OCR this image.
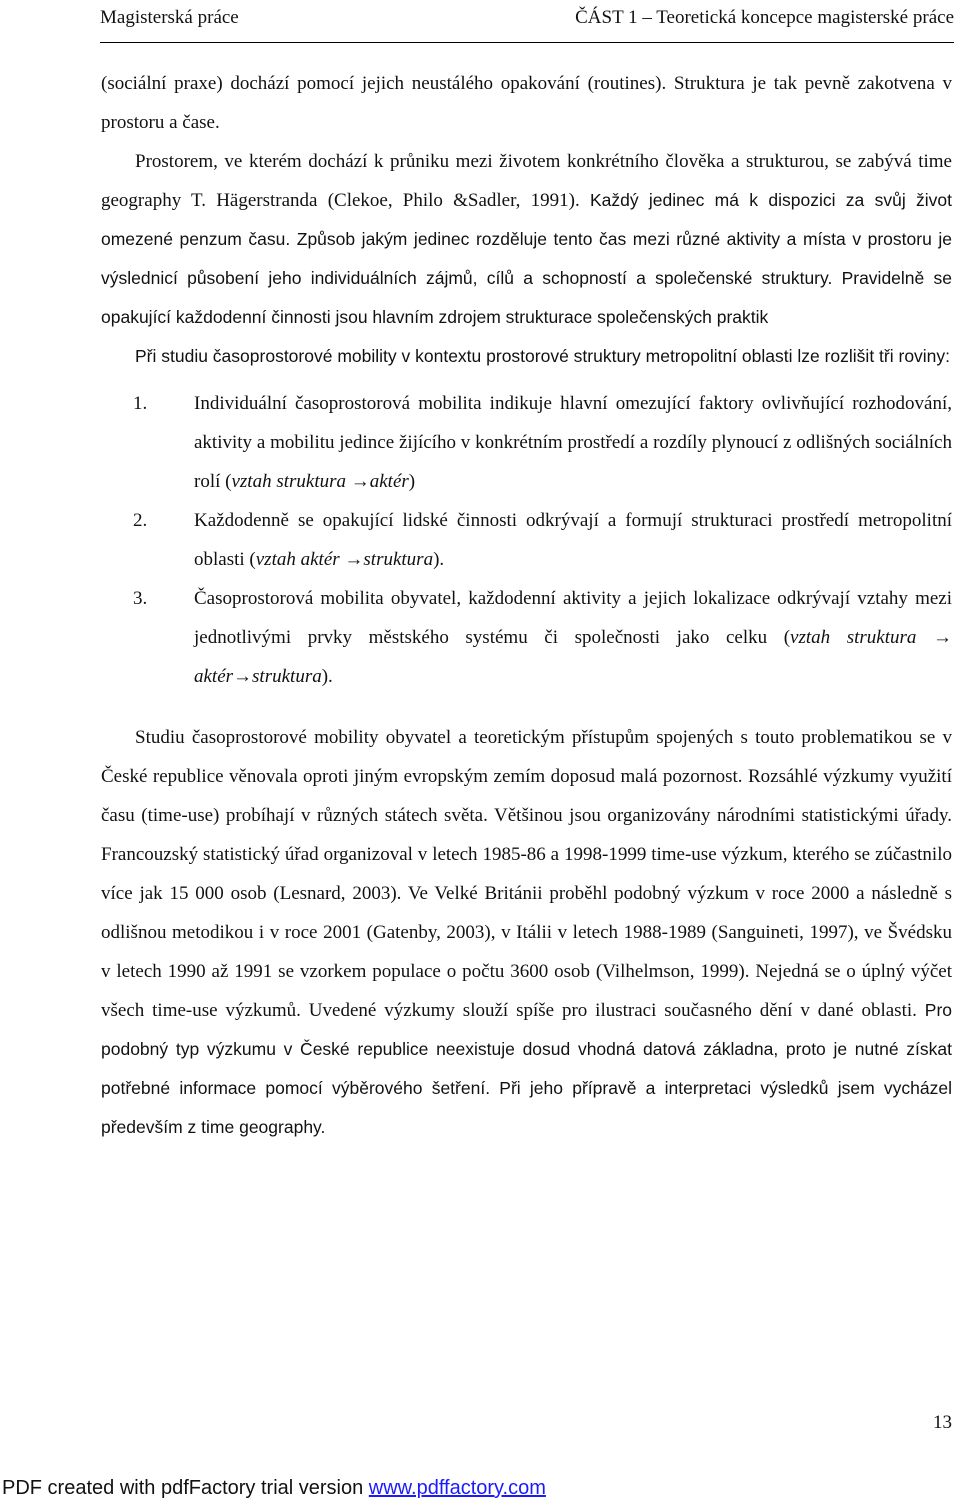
Magisterská práce	ČÁST 1 – Teoretická koncepce magisterské práce

(sociální praxe) dochází pomocí jejich neustálého opakování (routines). Struktura je tak pevně zakotvena v prostoru a čase.

Prostorem, ve kterém dochází k průniku mezi životem konkrétního člověka a strukturou, se zabývá time geography T. Hägerstranda (Clekoe, Philo &Sadler, 1991). Každý jedinec má k dispozici za svůj život omezené penzum času. Způsob jakým jedinec rozděluje tento čas mezi různé aktivity a místa v prostoru je výslednicí působení jeho individuálních zájmů, cílů a schopností a společenské struktury. Pravidelně se opakující každodenní činnosti jsou hlavním zdrojem strukturace společenských praktik

Při studiu časoprostorové mobility v kontextu prostorové struktury metropolitní oblasti lze rozlišit tři roviny:

1. Individuální časoprostorová mobilita indikuje hlavní omezující faktory ovlivňující rozhodování, aktivity a mobilitu jedince žijícího v konkrétním prostředí a rozdíly plynoucí z odlišných sociálních rolí (vztah struktura →aktér)

2. Každodenně se opakující lidské činnosti odkrývají a formují strukturaci prostředí metropolitní oblasti (vztah aktér →struktura).

3. Časoprostorová mobilita obyvatel, každodenní aktivity a jejich lokalizace odkrývají vztahy mezi jednotlivými prvky městského systému či společnosti jako celku (vztah struktura → aktér→struktura).

Studiu časoprostorové mobility obyvatel a teoretickým přístupům spojených s touto problematikou se v České republice věnovala oproti jiným evropským zemím doposud malá pozornost. Rozsáhlé výzkumy využití času (time-use) probíhají v různých státech světa. Většinou jsou organizovány národními statistickými úřady. Francouzský statistický úřad organizoval v letech 1985-86 a 1998-1999 time-use výzkum, kterého se zúčastnilo více jak 15 000 osob (Lesnard, 2003). Ve Velké Británii proběhl podobný výzkum v roce 2000 a následně s odlišnou metodikou i v roce 2001 (Gatenby, 2003), v Itálii v letech 1988-1989 (Sanguineti, 1997), ve Švédsku v letech 1990 až 1991 se vzorkem populace o počtu 3600 osob (Vilhelmson, 1999). Nejedná se o úplný výčet všech time-use výzkumů. Uvedené výzkumy slouží spíše pro ilustraci současného dění v dané oblasti. Pro podobný typ výzkumu v České republice neexistuje dosud vhodná datová základna, proto je nutné získat potřebné informace pomocí výběrového šetření. Při jeho přípravě a interpretaci výsledků jsem vycházel především z time geography.

13
PDF created with pdfFactory trial version www.pdffactory.com
